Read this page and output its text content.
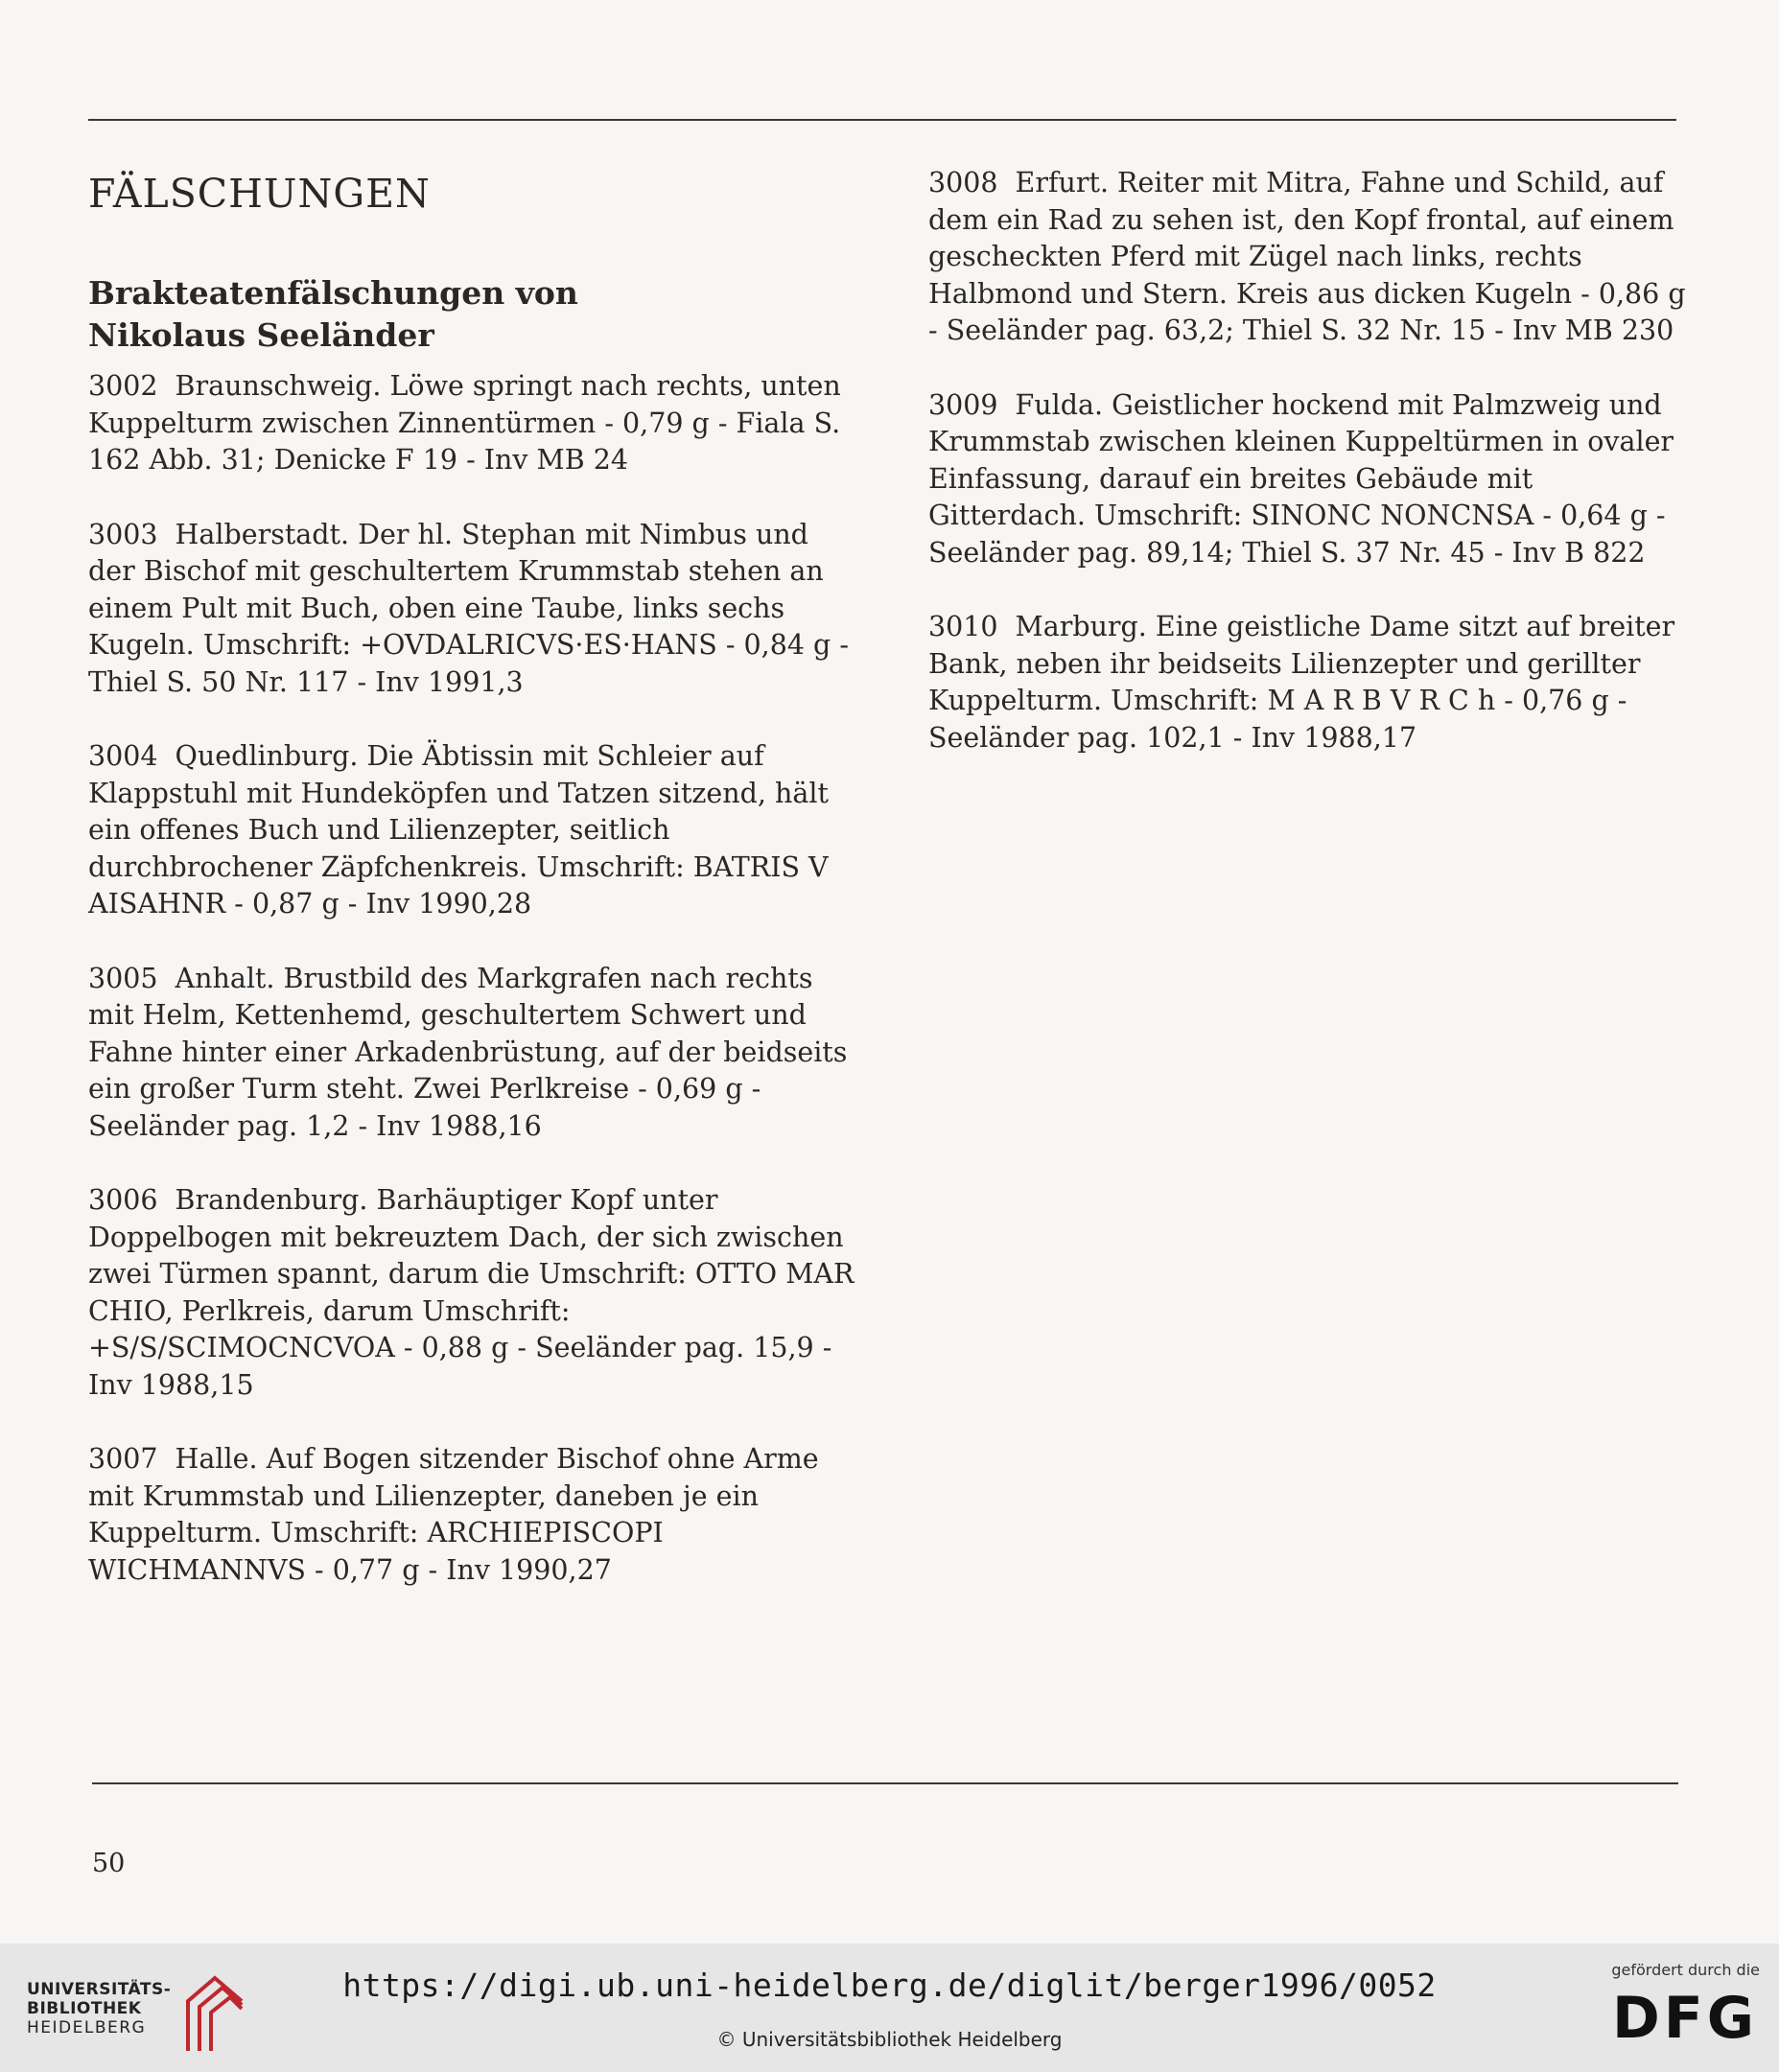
FÄLSCHUNGEN
Brakteatenfälschungen von
Nikolaus Seeländer

3002 Braunschweig. Löwe springt nach rechts, unten Kuppelturm zwischen Zinnentürmen - 0,79 g - Fiala S. 162 Abb. 31; Denicke F 19 - Inv MB 24

3003 Halberstadt. Der hl. Stephan mit Nimbus und der Bischof mit geschultertem Krummstab stehen an einem Pult mit Buch, oben eine Taube, links sechs Kugeln. Umschrift: +OVDALRICVS·ES·HANS - 0,84 g - Thiel S. 50 Nr. 117 - Inv 1991,3

3004 Quedlinburg. Die Äbtissin mit Schleier auf Klappstuhl mit Hundeköpfen und Tatzen sitzend, hält ein offenes Buch und Lilienzepter, seitlich durchbrochener Zäpfchenkreis. Umschrift: BATRIS V AISAHNR - 0,87 g - Inv 1990,28

3005 Anhalt. Brustbild des Markgrafen nach rechts mit Helm, Kettenhemd, geschultertem Schwert und Fahne hinter einer Arkadenbrüstung, auf der beidseits ein großer Turm steht. Zwei Perlkreise - 0,69 g - Seeländer pag. 1,2 - Inv 1988,16

3006 Brandenburg. Barhäuptiger Kopf unter Doppelbogen mit bekreuztem Dach, der sich zwischen zwei Türmen spannt, darum die Umschrift: OTTO MAR CHIO, Perlkreis, darum Umschrift: +S/S/SCIMOCNCVOA - 0,88 g - Seeländer pag. 15,9 - Inv 1988,15

3007 Halle. Auf Bogen sitzender Bischof ohne Arme mit Krummstab und Lilienzepter, daneben je ein Kuppelturm. Umschrift: ARCHIEPISCOPI WICHMANNVS - 0,77 g - Inv 1990,27

3008 Erfurt. Reiter mit Mitra, Fahne und Schild, auf dem ein Rad zu sehen ist, den Kopf frontal, auf einem gescheckten Pferd mit Zügel nach links, rechts Halbmond und Stern. Kreis aus dicken Kugeln - 0,86 g - Seeländer pag. 63,2; Thiel S. 32 Nr. 15 - Inv MB 230

3009 Fulda. Geistlicher hockend mit Palmzweig und Krummstab zwischen kleinen Kuppeltürmen in ovaler Einfassung, darauf ein breites Gebäude mit Gitterdach. Umschrift: SINONC NONCNSA - 0,64 g - Seeländer pag. 89,14; Thiel S. 37 Nr. 45 - Inv B 822

3010 Marburg. Eine geistliche Dame sitzt auf breiter Bank, neben ihr beidseits Lilienzepter und gerillter Kuppelturm. Umschrift: M A R B V R C h - 0,76 g - Seeländer pag. 102,1 - Inv 1988,17

50
UNIVERSITÄTS-
BIBLIOTHEK
HEIDELBERG
https://digi.ub.uni-heidelberg.de/diglit/berger1996/0052
© Universitätsbibliothek Heidelberg
gefördert durch die
DFG
